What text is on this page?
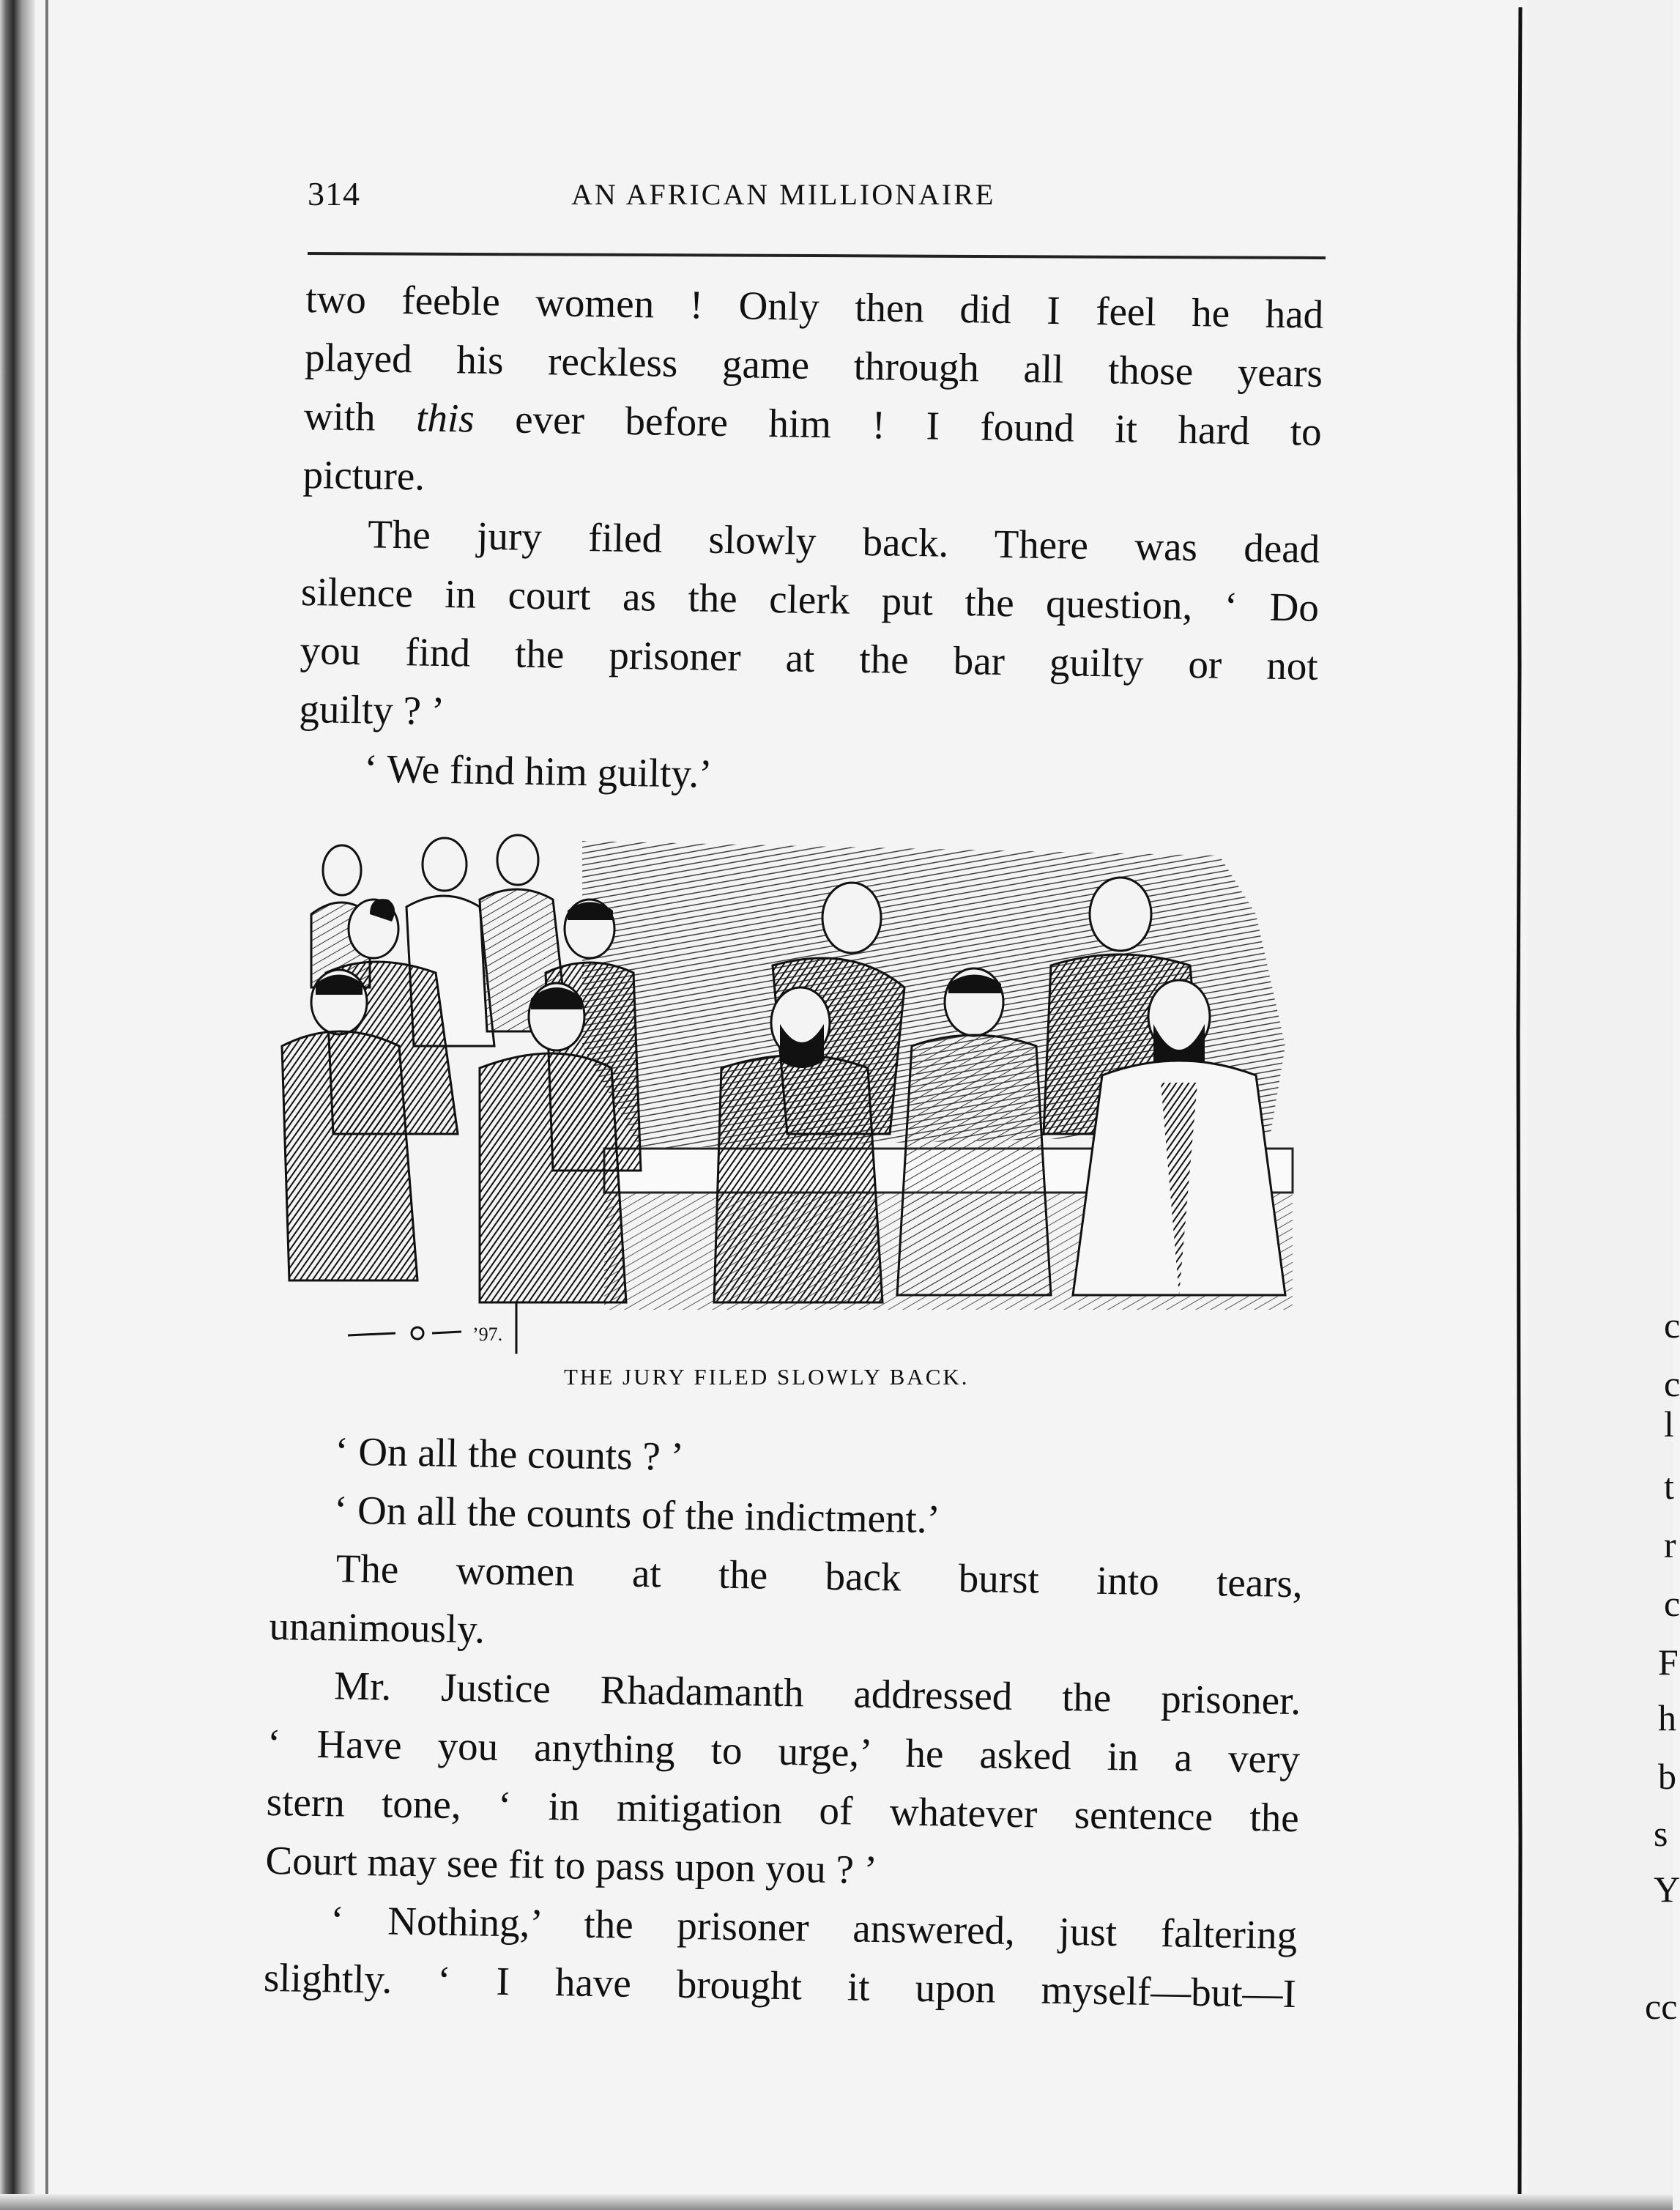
c
c
l
t
r
c
F
h
b
s
Y
cc
314	AN AFRICAN MILLIONAIRE
two feeble women ! Only then did I feel he had
played his reckless game through all those years
with this ever before him ! I found it hard to
picture.
The jury filed slowly back. There was dead
silence in court as the clerk put the question, ‘ Do
you find the prisoner at the bar guilty or not
guilty ? ’
‘ We find him guilty.’
’97.
THE JURY FILED SLOWLY BACK.
‘ On all the counts ? ’
‘ On all the counts of the indictment.’
The women at the back burst into tears,
unanimously.
Mr. Justice Rhadamanth addressed the prisoner.
‘ Have you anything to urge,’ he asked in a very
stern tone, ‘ in mitigation of whatever sentence the
Court may see fit to pass upon you ? ’
‘ Nothing,’ the prisoner answered, just faltering
slightly. ‘ I have brought it upon myself—but—I
